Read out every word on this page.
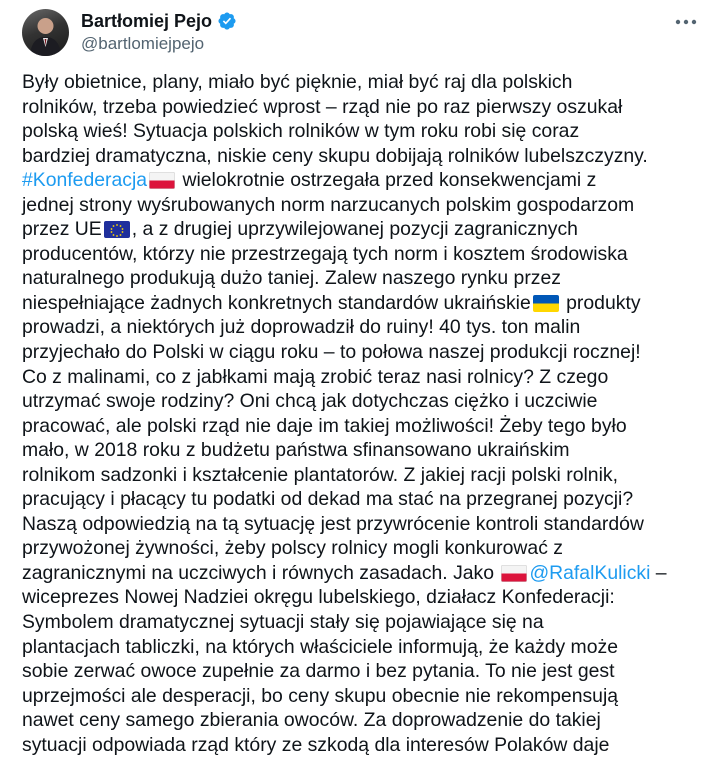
Bartłomiej Pejo
@bartlomiejpejo
Były obietnice, plany, miało być pięknie, miał być raj dla polskich
rolników, trzeba powiedzieć wprost – rząd nie po raz pierwszy oszukał
polską wieś! Sytuacja polskich rolników w tym roku robi się coraz
bardziej dramatyczna, niskie ceny skupu dobijają rolników lubelszczyzny.
#Konfederacja wielokrotnie ostrzegała przed konsekwencjami z
jednej strony wyśrubowanych norm narzucanych polskim gospodarzom
przez UE , a z drugiej uprzywilejowanej pozycji zagranicznych
producentów, którzy nie przestrzegają tych norm i kosztem środowiska
naturalnego produkują dużo taniej. Zalew naszego rynku przez
niespełniające żadnych konkretnych standardów ukraińskie produkty
prowadzi, a niektórych już doprowadził do ruiny! 40 tys. ton malin
przyjechało do Polski w ciągu roku – to połowa naszej produkcji rocznej!
Co z malinami, co z jabłkami mają zrobić teraz nasi rolnicy? Z czego
utrzymać swoje rodziny? Oni chcą jak dotychczas ciężko i uczciwie
pracować, ale polski rząd nie daje im takiej możliwości! Żeby tego było
mało, w 2018 roku z budżetu państwa sfinansowano ukraińskim
rolnikom sadzonki i kształcenie plantatorów. Z jakiej racji polski rolnik,
pracujący i płacący tu podatki od dekad ma stać na przegranej pozycji?
Naszą odpowiedzią na tą sytuację jest przywrócenie kontroli standardów
przywożonej żywności, żeby polscy rolnicy mogli konkurować z
zagranicznymi na uczciwych i równych zasadach. Jako @RafalKulicki –
wiceprezes Nowej Nadziei okręgu lubelskiego, działacz Konfederacji:
Symbolem dramatycznej sytuacji stały się pojawiające się na
plantacjach tabliczki, na których właściciele informują, że każdy może
sobie zerwać owoce zupełnie za darmo i bez pytania. To nie jest gest
uprzejmości ale desperacji, bo ceny skupu obecnie nie rekompensują
nawet ceny samego zbierania owoców. Za doprowadzenie do takiej
sytuacji odpowiada rząd który ze szkodą dla interesów Polaków daje
